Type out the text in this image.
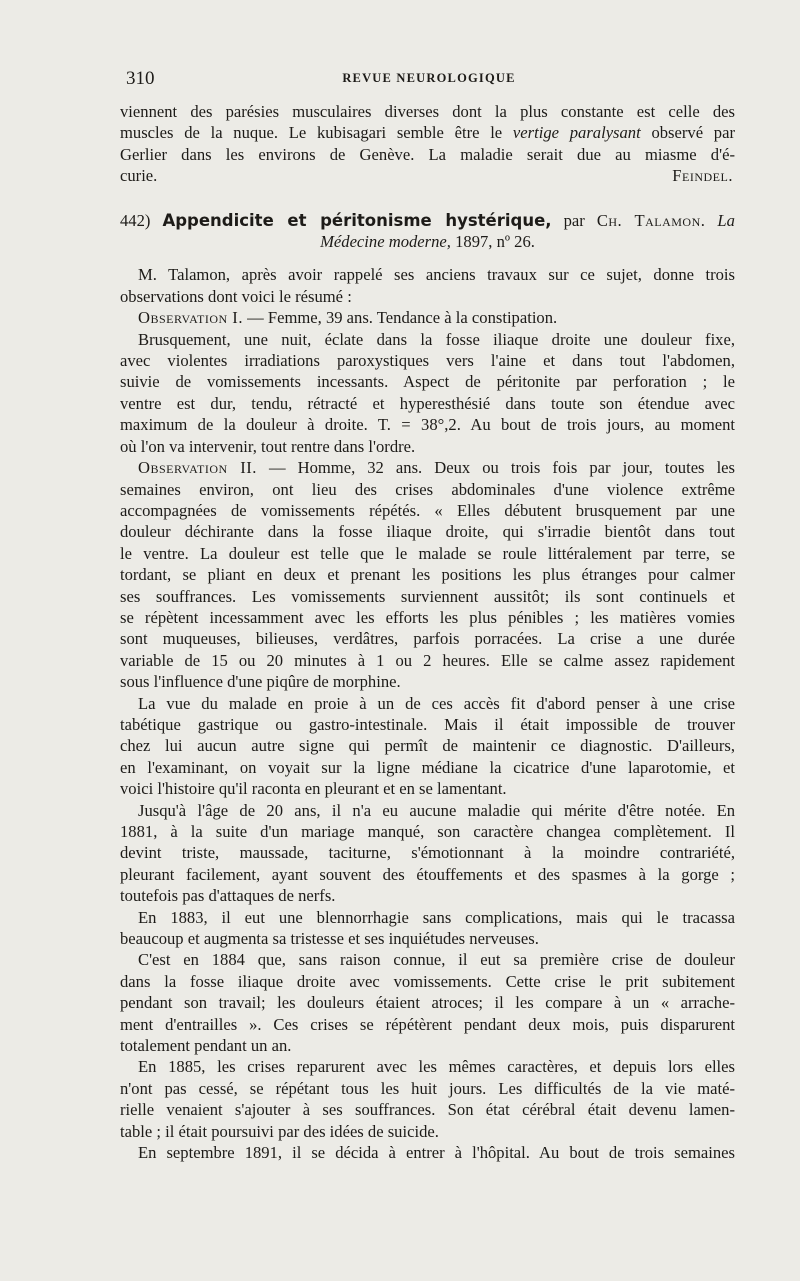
310	REVUE NEUROLOGIQUE

viennent des parésies musculaires diverses dont la plus constante est celle des

muscles de la nuque. Le kubisagari semble être le vertige paralysant observé par

Gerlier dans les environs de Genève. La maladie serait due au miasme d'é-

curie.	Feindel.

442) Appendicite et péritonisme hystérique, par Ch. Talamon. La

Médecine moderne, 1897, nº 26.

M. Talamon, après avoir rappelé ses anciens travaux sur ce sujet, donne trois

observations dont voici le résumé :

Observation I. — Femme, 39 ans. Tendance à la constipation.

Brusquement, une nuit, éclate dans la fosse iliaque droite une douleur fixe,

avec violentes irradiations paroxystiques vers l'aine et dans tout l'abdomen,

suivie de vomissements incessants. Aspect de péritonite par perforation ; le

ventre est dur, tendu, rétracté et hyperesthésié dans toute son étendue avec

maximum de la douleur à droite. T. = 38°,2. Au bout de trois jours, au moment

où l'on va intervenir, tout rentre dans l'ordre.

Observation II. — Homme, 32 ans. Deux ou trois fois par jour, toutes les

semaines environ, ont lieu des crises abdominales d'une violence extrême

accompagnées de vomissements répétés. « Elles débutent brusquement par une

douleur déchirante dans la fosse iliaque droite, qui s'irradie bientôt dans tout

le ventre. La douleur est telle que le malade se roule littéralement par terre, se

tordant, se pliant en deux et prenant les positions les plus étranges pour calmer

ses souffrances. Les vomissements surviennent aussitôt; ils sont continuels et

se répètent incessamment avec les efforts les plus pénibles ; les matières vomies

sont muqueuses, bilieuses, verdâtres, parfois porracées. La crise a une durée

variable de 15 ou 20 minutes à 1 ou 2 heures. Elle se calme assez rapidement

sous l'influence d'une piqûre de morphine.

La vue du malade en proie à un de ces accès fit d'abord penser à une crise

tabétique gastrique ou gastro-intestinale. Mais il était impossible de trouver

chez lui aucun autre signe qui permît de maintenir ce diagnostic. D'ailleurs,

en l'examinant, on voyait sur la ligne médiane la cicatrice d'une laparotomie, et

voici l'histoire qu'il raconta en pleurant et en se lamentant.

Jusqu'à l'âge de 20 ans, il n'a eu aucune maladie qui mérite d'être notée. En

1881, à la suite d'un mariage manqué, son caractère changea complètement. Il

devint triste, maussade, taciturne, s'émotionnant à la moindre contrariété,

pleurant facilement, ayant souvent des étouffements et des spasmes à la gorge ;

toutefois pas d'attaques de nerfs.

En 1883, il eut une blennorrhagie sans complications, mais qui le tracassa

beaucoup et augmenta sa tristesse et ses inquiétudes nerveuses.

C'est en 1884 que, sans raison connue, il eut sa première crise de douleur

dans la fosse iliaque droite avec vomissements. Cette crise le prit subitement

pendant son travail; les douleurs étaient atroces; il les compare à un « arrache-

ment d'entrailles ». Ces crises se répétèrent pendant deux mois, puis disparurent

totalement pendant un an.

En 1885, les crises reparurent avec les mêmes caractères, et depuis lors elles

n'ont pas cessé, se répétant tous les huit jours. Les difficultés de la vie maté-

rielle venaient s'ajouter à ses souffrances. Son état cérébral était devenu lamen-

table ; il était poursuivi par des idées de suicide.

En septembre 1891, il se décida à entrer à l'hôpital. Au bout de trois semaines
